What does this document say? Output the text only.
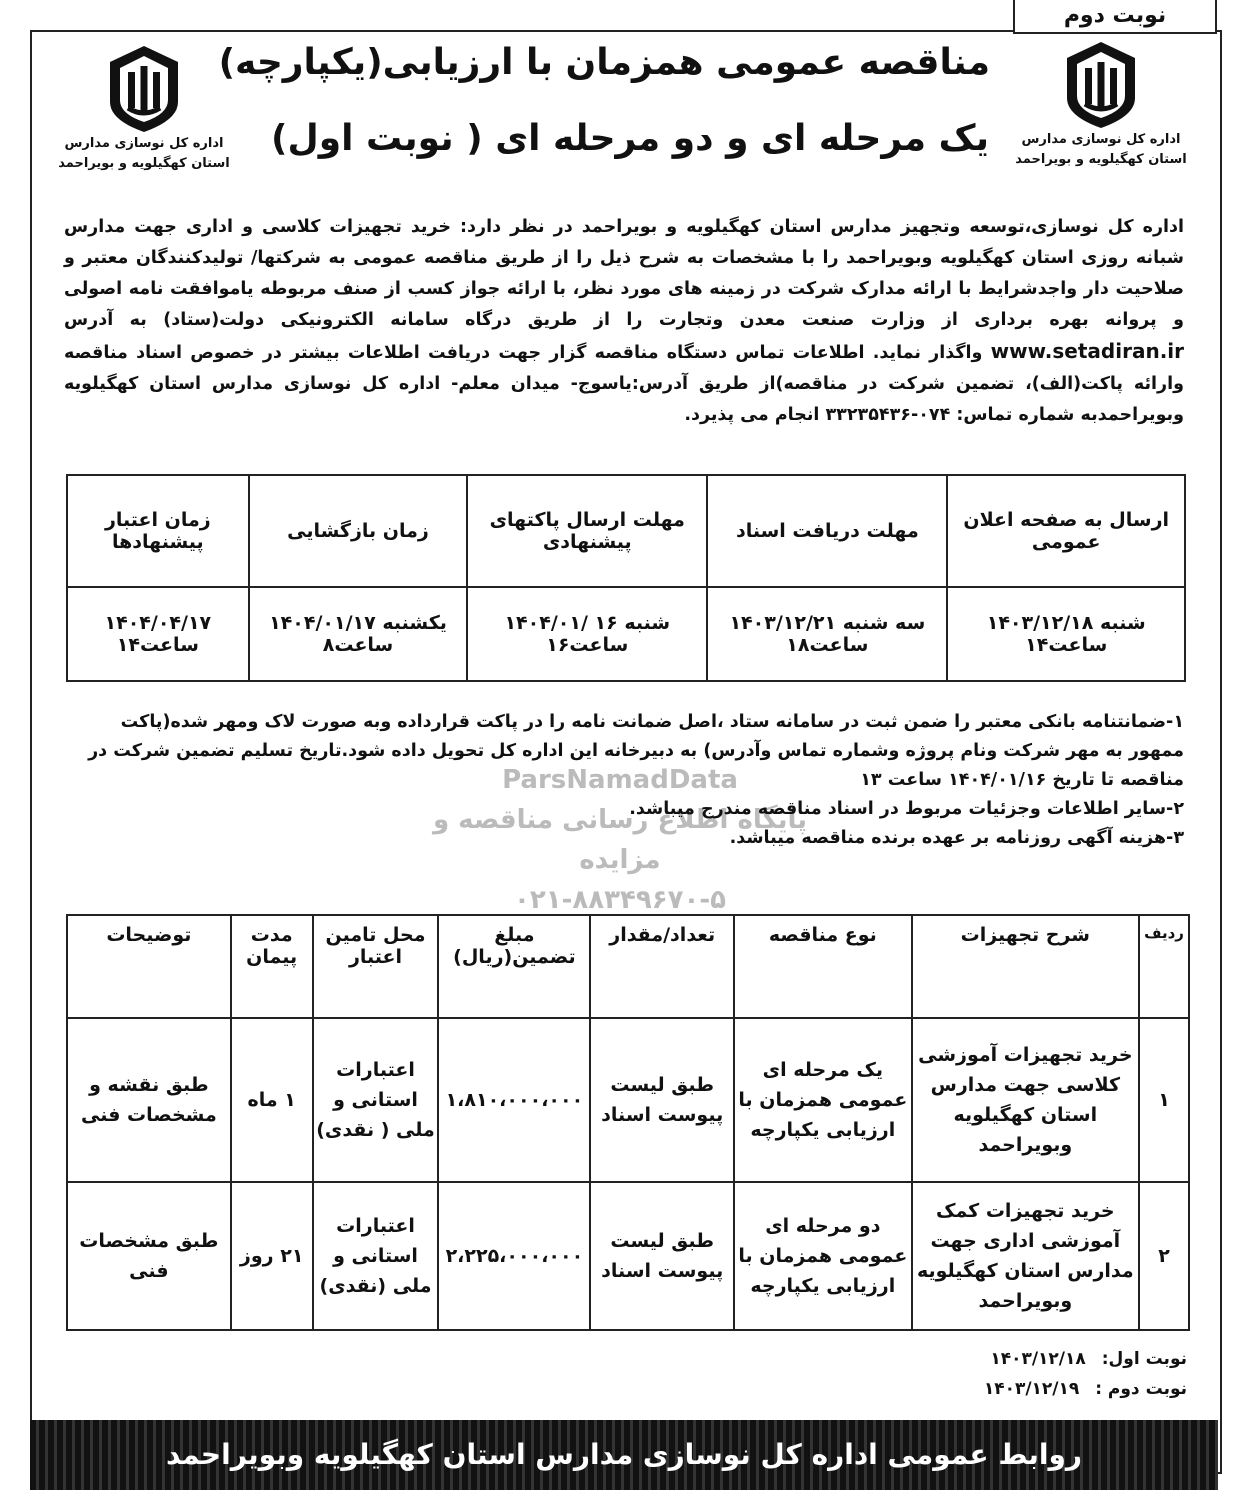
نوبت دوم
اداره کل نوسازی مدارس
استان کهگیلویه و بویراحمد
اداره کل نوسازی مدارس
استان کهگیلویه و بویراحمد
مناقصه عمومی همزمان با ارزیابی(یکپارچه)
یک مرحله ای و دو مرحله ای ( نوبت اول)
اداره کل نوسازی،توسعه وتجهیز مدارس استان کهگیلویه و بویراحمد در نظر دارد: خرید تجهیزات کلاسی و اداری جهت مدارس شبانه روزی استان کهگیلویه وبویراحمد را با مشخصات به شرح ذیل را از طریق مناقصه عمومی به شرکتها/ تولیدکنندگان معتبر و صلاحیت دار واجدشرایط با ارائه مدارک شرکت در زمینه های مورد نظر، با ارائه جواز کسب از صنف مربوطه یاموافقت نامه اصولی و پروانه بهره برداری از وزارت صنعت معدن وتجارت را از طریق درگاه سامانه الکترونیکی دولت(ستاد) به آدرس www.setadiran.ir واگذار نماید. اطلاعات تماس دستگاه مناقصه گزار جهت دریافت اطلاعات بیشتر در خصوص اسناد مناقصه وارائه پاکت(الف)، تضمین شرکت در مناقصه)از طریق آدرس:یاسوج- میدان معلم- اداره کل نوسازی مدارس استان کهگیلویه وبویراحمدبه شماره تماس: ۰۷۴-۳۳۲۳۵۴۳۶ انجام می پذیرد.
ارسال به صفحه اعلان عمومی	مهلت دریافت اسناد	مهلت ارسال پاکتهای پیشنهادی	زمان بازگشایی	زمان اعتبار پیشنهادها
شنبه ۱۴۰۳/۱۲/۱۸ ساعت۱۴	سه شنبه ۱۴۰۳/۱۲/۲۱ ساعت۱۸	شنبه ۱۶ /۱۴۰۴/۰۱ ساعت۱۶	یکشنبه ۱۴۰۴/۰۱/۱۷ ساعت۸	۱۴۰۴/۰۴/۱۷ ساعت۱۴
ParsNamadData
پایگاه اطلاع رسانی مناقصه و مزایده
۰۲۱-۸۸۳۴۹۶۷۰-۵

۱-ضمانتنامه بانکی معتبر را ضمن ثبت در سامانه ستاد ،اصل ضمانت نامه را در پاکت قرارداده وبه صورت لاک ومهر شده(پاکت ممهور به مهر شرکت ونام پروژه وشماره تماس وآدرس) به دبیرخانه این اداره کل تحویل داده شود.تاریخ تسلیم تضمین شرکت در مناقصه تا تاریخ ۱۴۰۴/۰۱/۱۶ ساعت ۱۳

۲-سایر اطلاعات وجزئیات مربوط در اسناد مناقصه مندرج میباشد.

۳-هزینه آگهی روزنامه بر عهده برنده مناقصه میباشد.

ردیف	شرح تجهیزات	نوع مناقصه	تعداد/مقدار	مبلغ تضمین(ریال)	محل تامین اعتبار	مدت پیمان	توضیحات
۱	خرید تجهیزات آموزشی کلاسی جهت مدارس استان کهگیلویه وبویراحمد	یک مرحله ای عمومی همزمان با ارزیابی یکپارچه	طبق لیست پیوست اسناد	۱،۸۱۰،۰۰۰،۰۰۰	اعتبارات استانی و ملی ( نقدی)	۱ ماه	طبق نقشه و مشخصات فنی
۲	خرید تجهیزات کمک آموزشی اداری جهت مدارس استان کهگیلویه وبویراحمد	دو مرحله ای عمومی همزمان با ارزیابی یکپارچه	طبق لیست پیوست اسناد	۲،۲۲۵،۰۰۰،۰۰۰	اعتبارات استانی و ملی (نقدی)	۲۱ روز	طبق مشخصات فنی
نوبت اول: ۱۴۰۳/۱۲/۱۸
نوبت دوم : ۱۴۰۳/۱۲/۱۹
روابط عمومی اداره کل نوسازی مدارس استان کهگیلویه وبویراحمد
